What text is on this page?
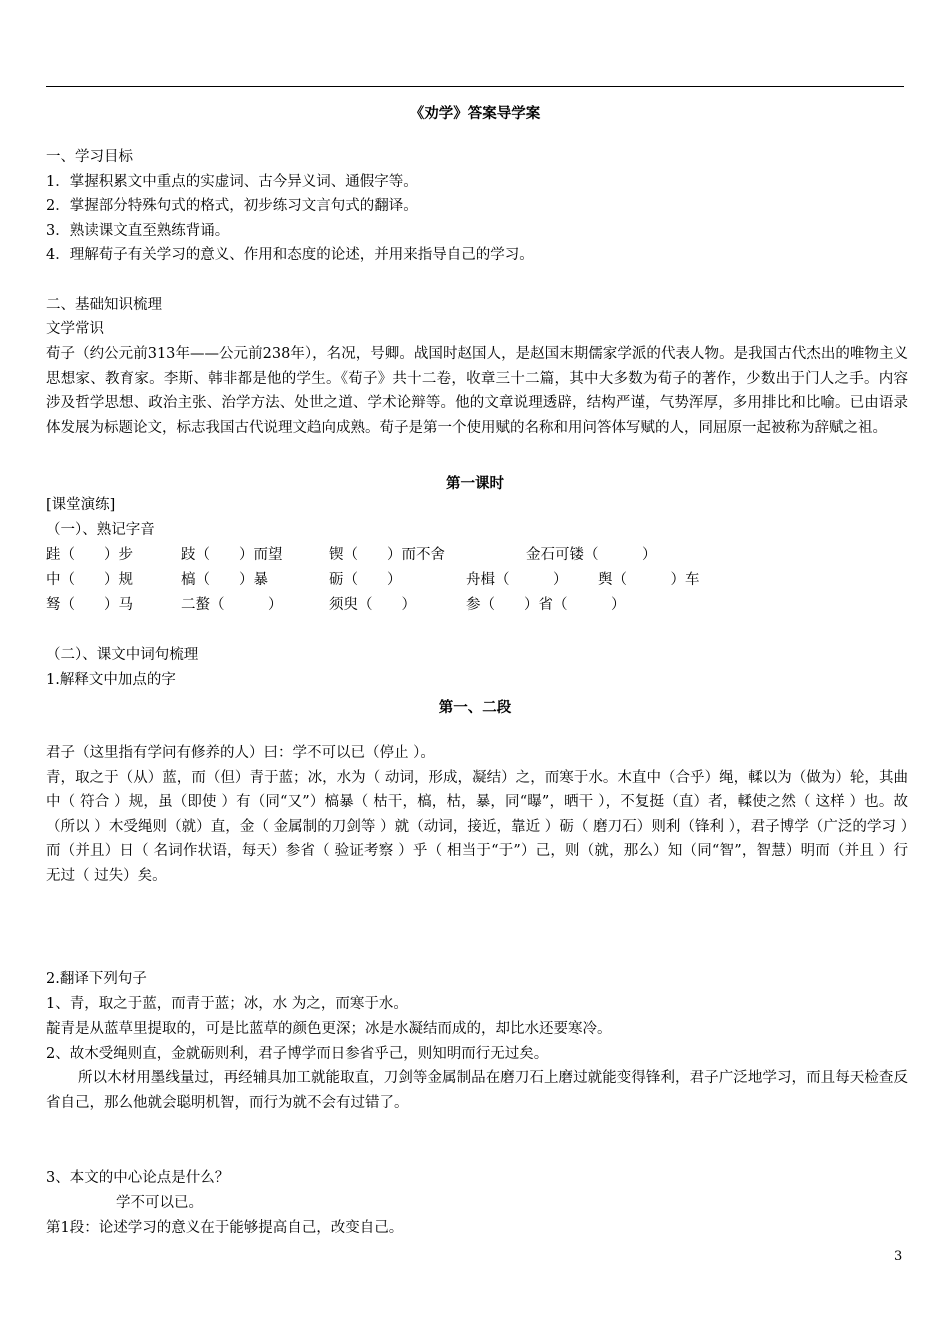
《劝学》答案导学案
一、学习目标
1．掌握积累文中重点的实虚词、古今异义词、通假字等。
2．掌握部分特殊句式的格式，初步练习文言句式的翻译。
3．熟读课文直至熟练背诵。
4．理解荀子有关学习的意义、作用和态度的论述，并用来指导自己的学习。
二、基础知识梳理
文学常识
荀子（约公元前313年——公元前238年），名况，号卿。战国时赵国人，是赵国末期儒家学派的代表人物。是我国古代杰出的唯物主义思想家、教育家。李斯、韩非都是他的学生。《荀子》共十二卷，收章三十二篇，其中大多数为荀子的著作，少数出于门人之手。内容涉及哲学思想、政治主张、治学方法、处世之道、学术论辩等。他的文章说理透辟，结构严谨，气势浑厚，多用排比和比喻。已由语录体发展为标题论文，标志我国古代说理文趋向成熟。荀子是第一个使用赋的名称和用问答体写赋的人，同屈原一起被称为辞赋之祖。
第一课时
[课堂演练]
（一）、熟记字音
跬（　　）步	跂（　　）而望	锲（　　）而不舍	金石可镂（　　　）
中（　　）规	槁（　　）暴	砺（　　）	舟楫（　　　） 舆（　　　）车
驽（　　）马	二螯（　　　）	须臾（　　）	参（　　）省（　　　）
（二）、课文中词句梳理
1.解释文中加点的字
第一、二段
君子（这里指有学问有修养的人）曰：学不可以已（停止 ）。
青，取之于（从）蓝，而（但）青于蓝；冰，水为（ 动词，形成，凝结）之，而寒于水。木直中（合乎）绳，輮以为（做为）轮，其曲中（ 符合 ）规，虽（即使 ）有（同“又”）槁暴（ 枯干，槁，枯，暴，同“曝”，晒干 ），不复挺（直）者，輮使之然（ 这样 ）也。故（所以 ）木受绳则（就）直，金（ 金属制的刀剑等 ）就（动词，接近，靠近 ）砺（ 磨刀石）则利（锋利 ），君子博学（广泛的学习 ）而（并且）日（ 名词作状语，每天）参省（ 验证考察 ）乎（ 相当于“于”）己，则（就，那么）知（同“智”，智慧）明而（并且 ）行无过（ 过失）矣。
2.翻译下列句子
1、青，取之于蓝，而青于蓝；冰，水 为之，而寒于水。
靛青是从蓝草里提取的，可是比蓝草的颜色更深；冰是水凝结而成的，却比水还要寒冷。
2、故木受绳则直，金就砺则利，君子博学而日参省乎己，则知明而行无过矣。
所以木材用墨线量过，再经辅具加工就能取直，刀剑等金属制品在磨刀石上磨过就能变得锋利，君子广泛地学习，而且每天检查反省自己，那么他就会聪明机智，而行为就不会有过错了。
3、本文的中心论点是什么？
学不可以已。
第1段：论述学习的意义在于能够提高自己，改变自己。
3
